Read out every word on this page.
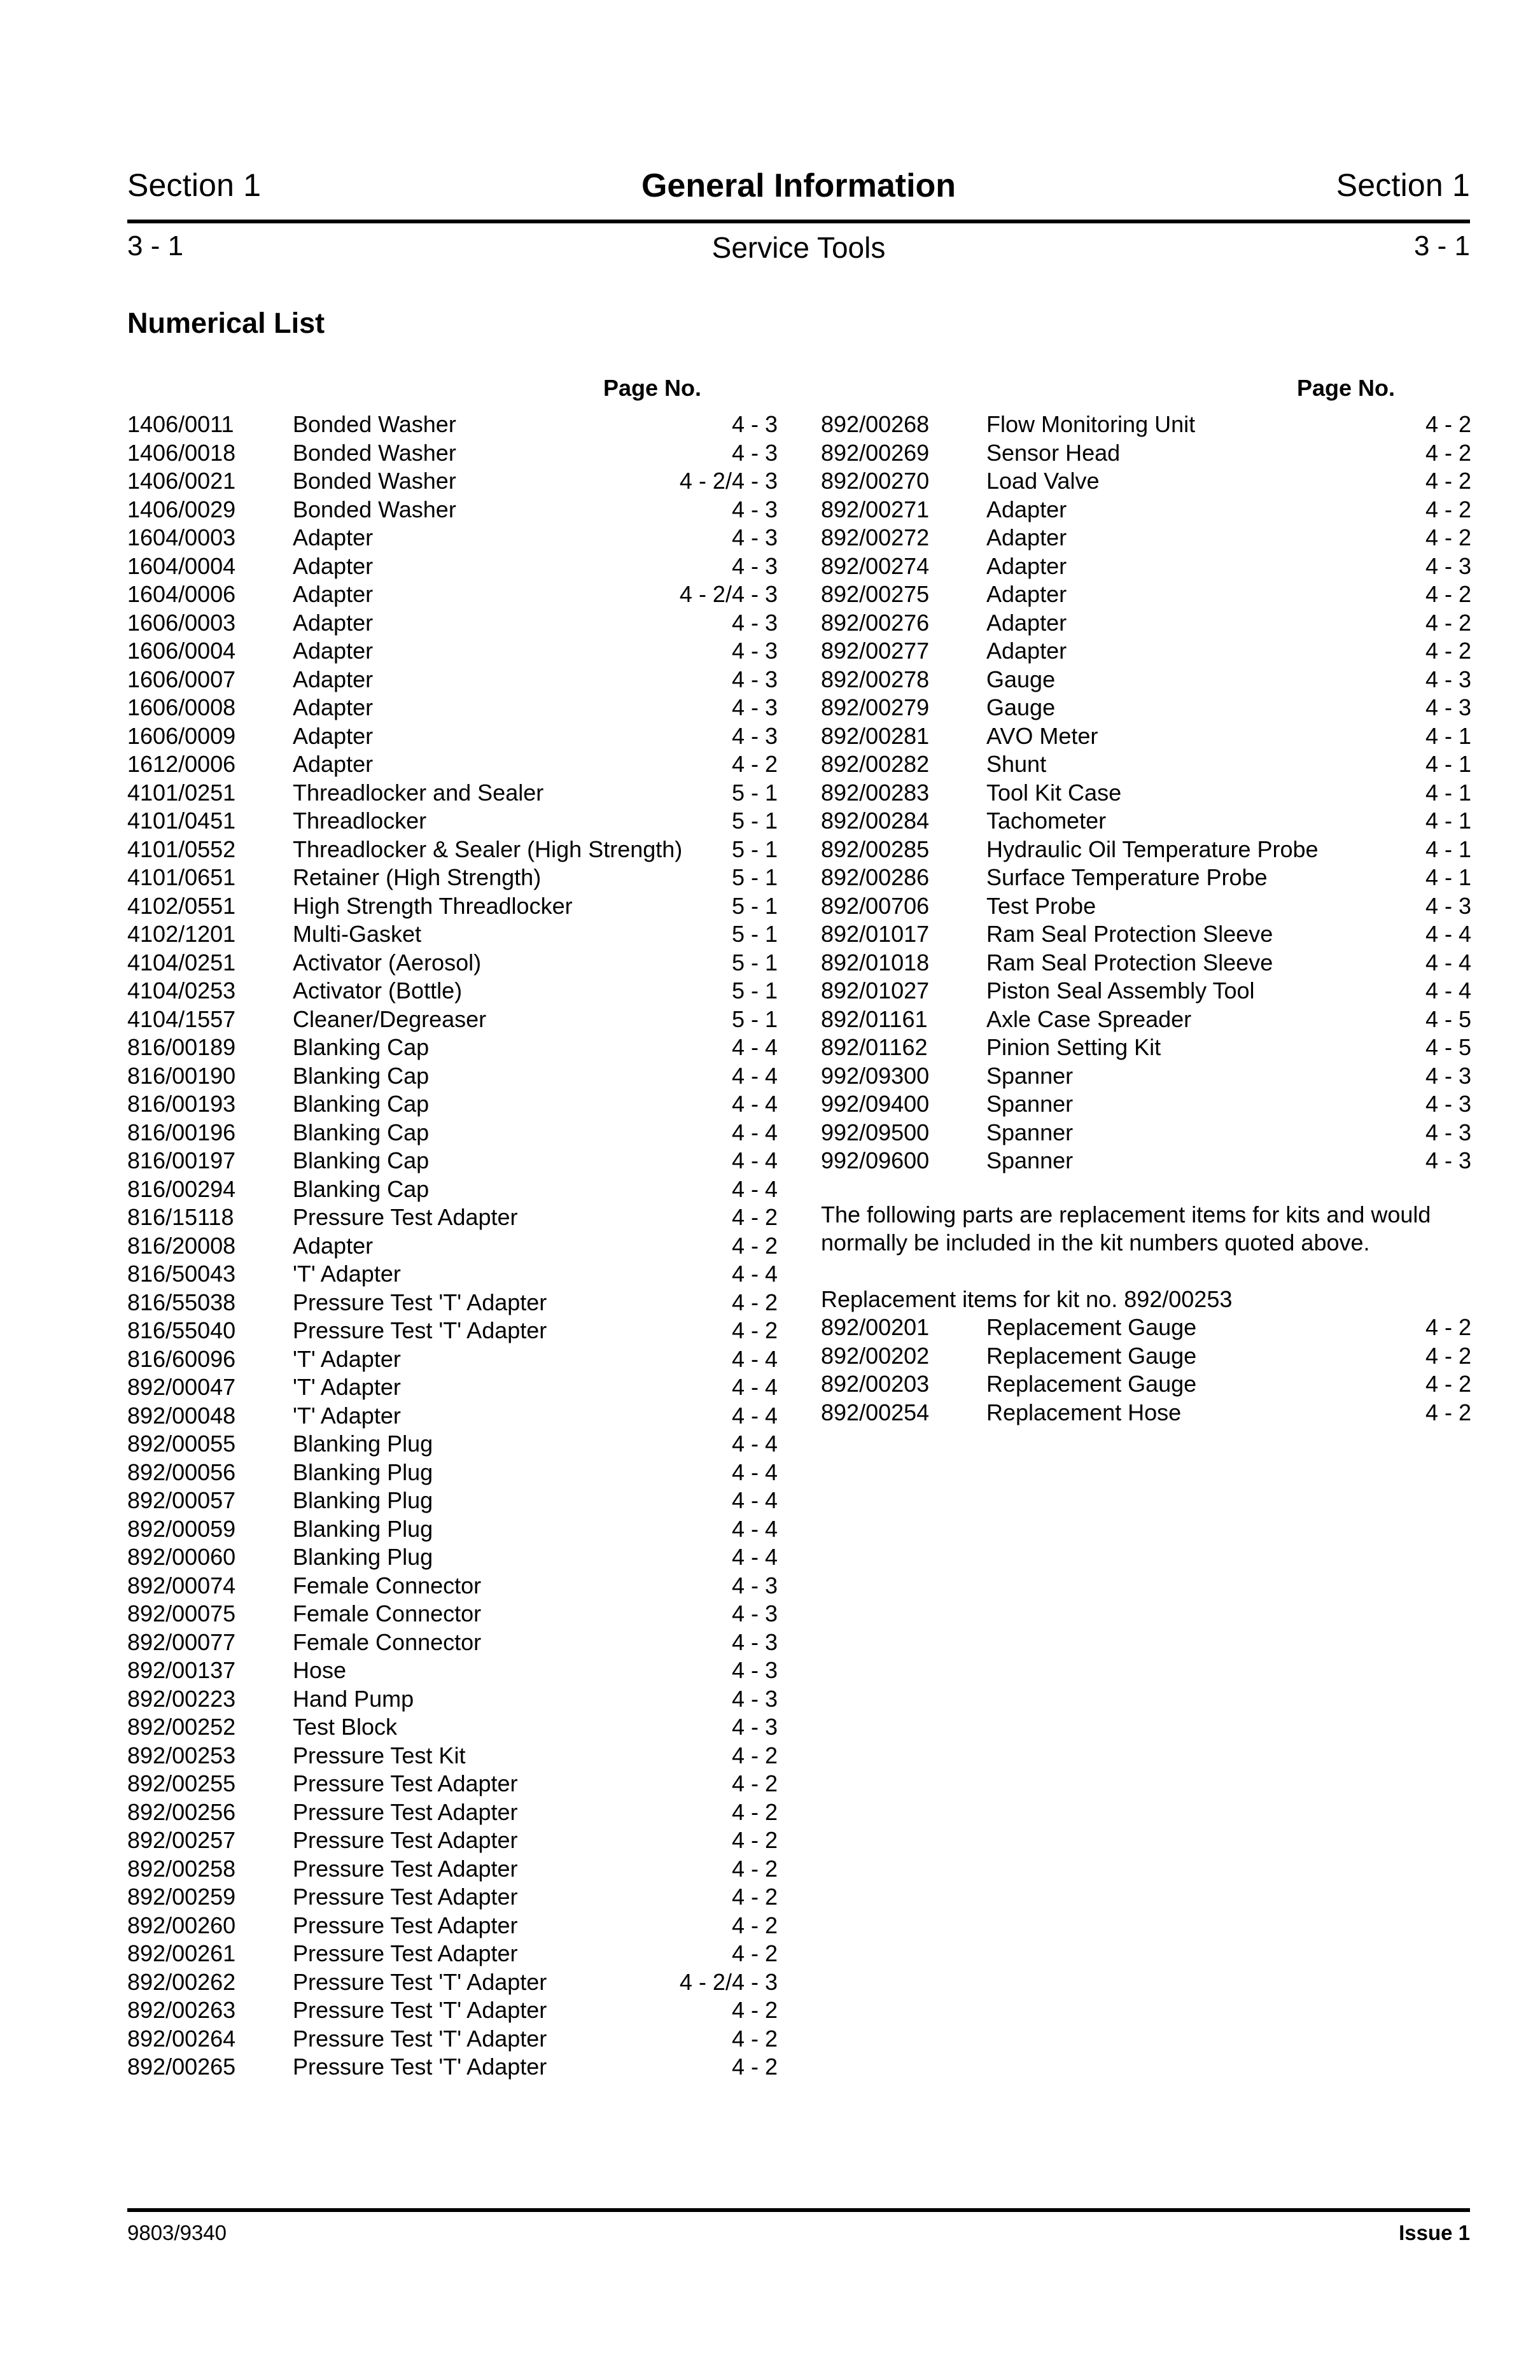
Section 1	General Information	Section 1
3 - 1	Service Tools	3 - 1
Numerical List
Page No.
1406/0011	Bonded Washer	4 - 3
1406/0018	Bonded Washer	4 - 3
1406/0021	Bonded Washer	4 - 2/4 - 3
1406/0029	Bonded Washer	4 - 3
1604/0003	Adapter	4 - 3
1604/0004	Adapter	4 - 3
1604/0006	Adapter	4 - 2/4 - 3
1606/0003	Adapter	4 - 3
1606/0004	Adapter	4 - 3
1606/0007	Adapter	4 - 3
1606/0008	Adapter	4 - 3
1606/0009	Adapter	4 - 3
1612/0006	Adapter	4 - 2
4101/0251	Threadlocker and Sealer	5 - 1
4101/0451	Threadlocker	5 - 1
4101/0552	Threadlocker & Sealer (High Strength)	5 - 1
4101/0651	Retainer (High Strength)	5 - 1
4102/0551	High Strength Threadlocker	5 - 1
4102/1201	Multi-Gasket	5 - 1
4104/0251	Activator (Aerosol)	5 - 1
4104/0253	Activator (Bottle)	5 - 1
4104/1557	Cleaner/Degreaser	5 - 1
816/00189	Blanking Cap	4 - 4
816/00190	Blanking Cap	4 - 4
816/00193	Blanking Cap	4 - 4
816/00196	Blanking Cap	4 - 4
816/00197	Blanking Cap	4 - 4
816/00294	Blanking Cap	4 - 4
816/15118	Pressure Test Adapter	4 - 2
816/20008	Adapter	4 - 2
816/50043	'T' Adapter	4 - 4
816/55038	Pressure Test 'T' Adapter	4 - 2
816/55040	Pressure Test 'T' Adapter	4 - 2
816/60096	'T' Adapter	4 - 4
892/00047	'T' Adapter	4 - 4
892/00048	'T' Adapter	4 - 4
892/00055	Blanking Plug	4 - 4
892/00056	Blanking Plug	4 - 4
892/00057	Blanking Plug	4 - 4
892/00059	Blanking Plug	4 - 4
892/00060	Blanking Plug	4 - 4
892/00074	Female Connector	4 - 3
892/00075	Female Connector	4 - 3
892/00077	Female Connector	4 - 3
892/00137	Hose	4 - 3
892/00223	Hand Pump	4 - 3
892/00252	Test Block	4 - 3
892/00253	Pressure Test Kit	4 - 2
892/00255	Pressure Test Adapter	4 - 2
892/00256	Pressure Test Adapter	4 - 2
892/00257	Pressure Test Adapter	4 - 2
892/00258	Pressure Test Adapter	4 - 2
892/00259	Pressure Test Adapter	4 - 2
892/00260	Pressure Test Adapter	4 - 2
892/00261	Pressure Test Adapter	4 - 2
892/00262	Pressure Test 'T' Adapter	4 - 2/4 - 3
892/00263	Pressure Test 'T' Adapter	4 - 2
892/00264	Pressure Test 'T' Adapter	4 - 2
892/00265	Pressure Test 'T' Adapter	4 - 2
Page No.
892/00268	Flow Monitoring Unit	4 - 2
892/00269	Sensor Head	4 - 2
892/00270	Load Valve	4 - 2
892/00271	Adapter	4 - 2
892/00272	Adapter	4 - 2
892/00274	Adapter	4 - 3
892/00275	Adapter	4 - 2
892/00276	Adapter	4 - 2
892/00277	Adapter	4 - 2
892/00278	Gauge	4 - 3
892/00279	Gauge	4 - 3
892/00281	AVO Meter	4 - 1
892/00282	Shunt	4 - 1
892/00283	Tool Kit Case	4 - 1
892/00284	Tachometer	4 - 1
892/00285	Hydraulic Oil Temperature Probe	4 - 1
892/00286	Surface Temperature Probe	4 - 1
892/00706	Test Probe	4 - 3
892/01017	Ram Seal Protection Sleeve	4 - 4
892/01018	Ram Seal Protection Sleeve	4 - 4
892/01027	Piston Seal Assembly Tool	4 - 4
892/01161	Axle Case Spreader	4 - 5
892/01162	Pinion Setting Kit	4 - 5
992/09300	Spanner	4 - 3
992/09400	Spanner	4 - 3
992/09500	Spanner	4 - 3
992/09600	Spanner	4 - 3
The following parts are replacement items for kits and would normally be included in the kit numbers quoted above.
Replacement items for kit no. 892/00253
892/00201	Replacement Gauge	4 - 2
892/00202	Replacement Gauge	4 - 2
892/00203	Replacement Gauge	4 - 2
892/00254	Replacement Hose	4 - 2
9803/9340	Issue 1
